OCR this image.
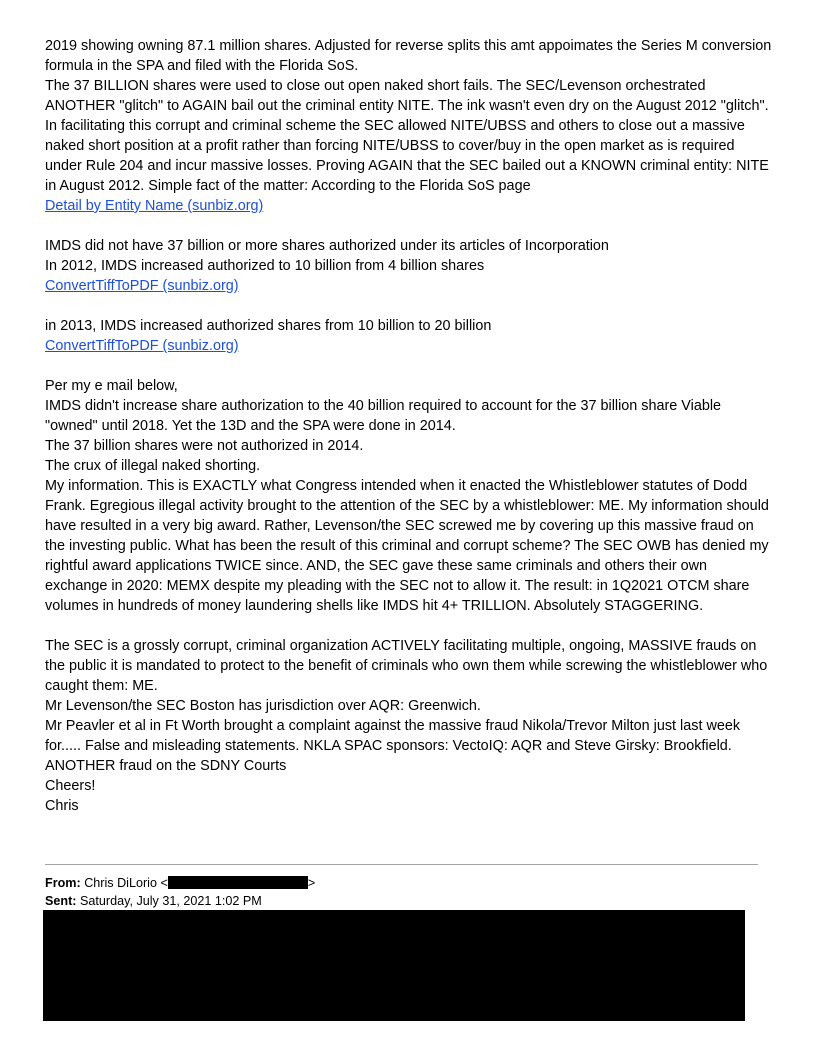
2019 showing owning 87.1 million shares. Adjusted for reverse splits this amt appoimates the Series M conversion formula in the SPA and filed with the Florida SoS.

The 37 BILLION shares were used to close out open naked short fails. The SEC/Levenson orchestrated ANOTHER "glitch" to AGAIN bail out the criminal entity NITE. The ink wasn't even dry on the August 2012 "glitch". In facilitating this corrupt and criminal scheme the SEC allowed NITE/UBSS and others to close out a massive naked short position at a profit rather than forcing NITE/UBSS to cover/buy in the open market as is required under Rule 204 and incur massive losses. Proving AGAIN that the SEC bailed out a KNOWN criminal entity: NITE in August 2012. Simple fact of the matter: According to the Florida SoS page

Detail by Entity Name (sunbiz.org)

IMDS did not have 37 billion or more shares authorized under its articles of Incorporation

In 2012, IMDS increased authorized to 10 billion from 4 billion shares

ConvertTiffToPDF (sunbiz.org)

in 2013, IMDS increased authorized shares from 10 billion to 20 billion

ConvertTiffToPDF (sunbiz.org)

Per my e mail below,

IMDS didn't increase share authorization to the 40 billion required to account for the 37 billion share Viable "owned" until 2018. Yet the 13D and the SPA were done in 2014.

The 37 billion shares were not authorized in 2014.

The crux of illegal naked shorting.

My information. This is EXACTLY what Congress intended when it enacted the Whistleblower statutes of Dodd Frank. Egregious illegal activity brought to the attention of the SEC by a whistleblower: ME. My information should have resulted in a very big award. Rather, Levenson/the SEC screwed me by covering up this massive fraud on the investing public. What has been the result of this criminal and corrupt scheme? The SEC OWB has denied my rightful award applications TWICE since. AND, the SEC gave these same criminals and others their own exchange in 2020: MEMX despite my pleading with the SEC not to allow it. The result: in 1Q2021 OTCM share volumes in hundreds of money laundering shells like IMDS hit 4+ TRILLION. Absolutely STAGGERING.

The SEC is a grossly corrupt, criminal organization ACTIVELY facilitating multiple, ongoing, MASSIVE frauds on the public it is mandated to protect to the benefit of criminals who own them while screwing the whistleblower who caught them: ME.

Mr Levenson/the SEC Boston has jurisdiction over AQR: Greenwich.

Mr Peavler et al in Ft Worth brought a complaint against the massive fraud Nikola/Trevor Milton just last week for..... False and misleading statements. NKLA SPAC sponsors: VectoIQ: AQR and Steve Girsky: Brookfield.

ANOTHER fraud on the SDNY Courts

Cheers!

Chris

From: Chris DiLorio <	>
Sent: Saturday, July 31, 2021 1:02 PM
